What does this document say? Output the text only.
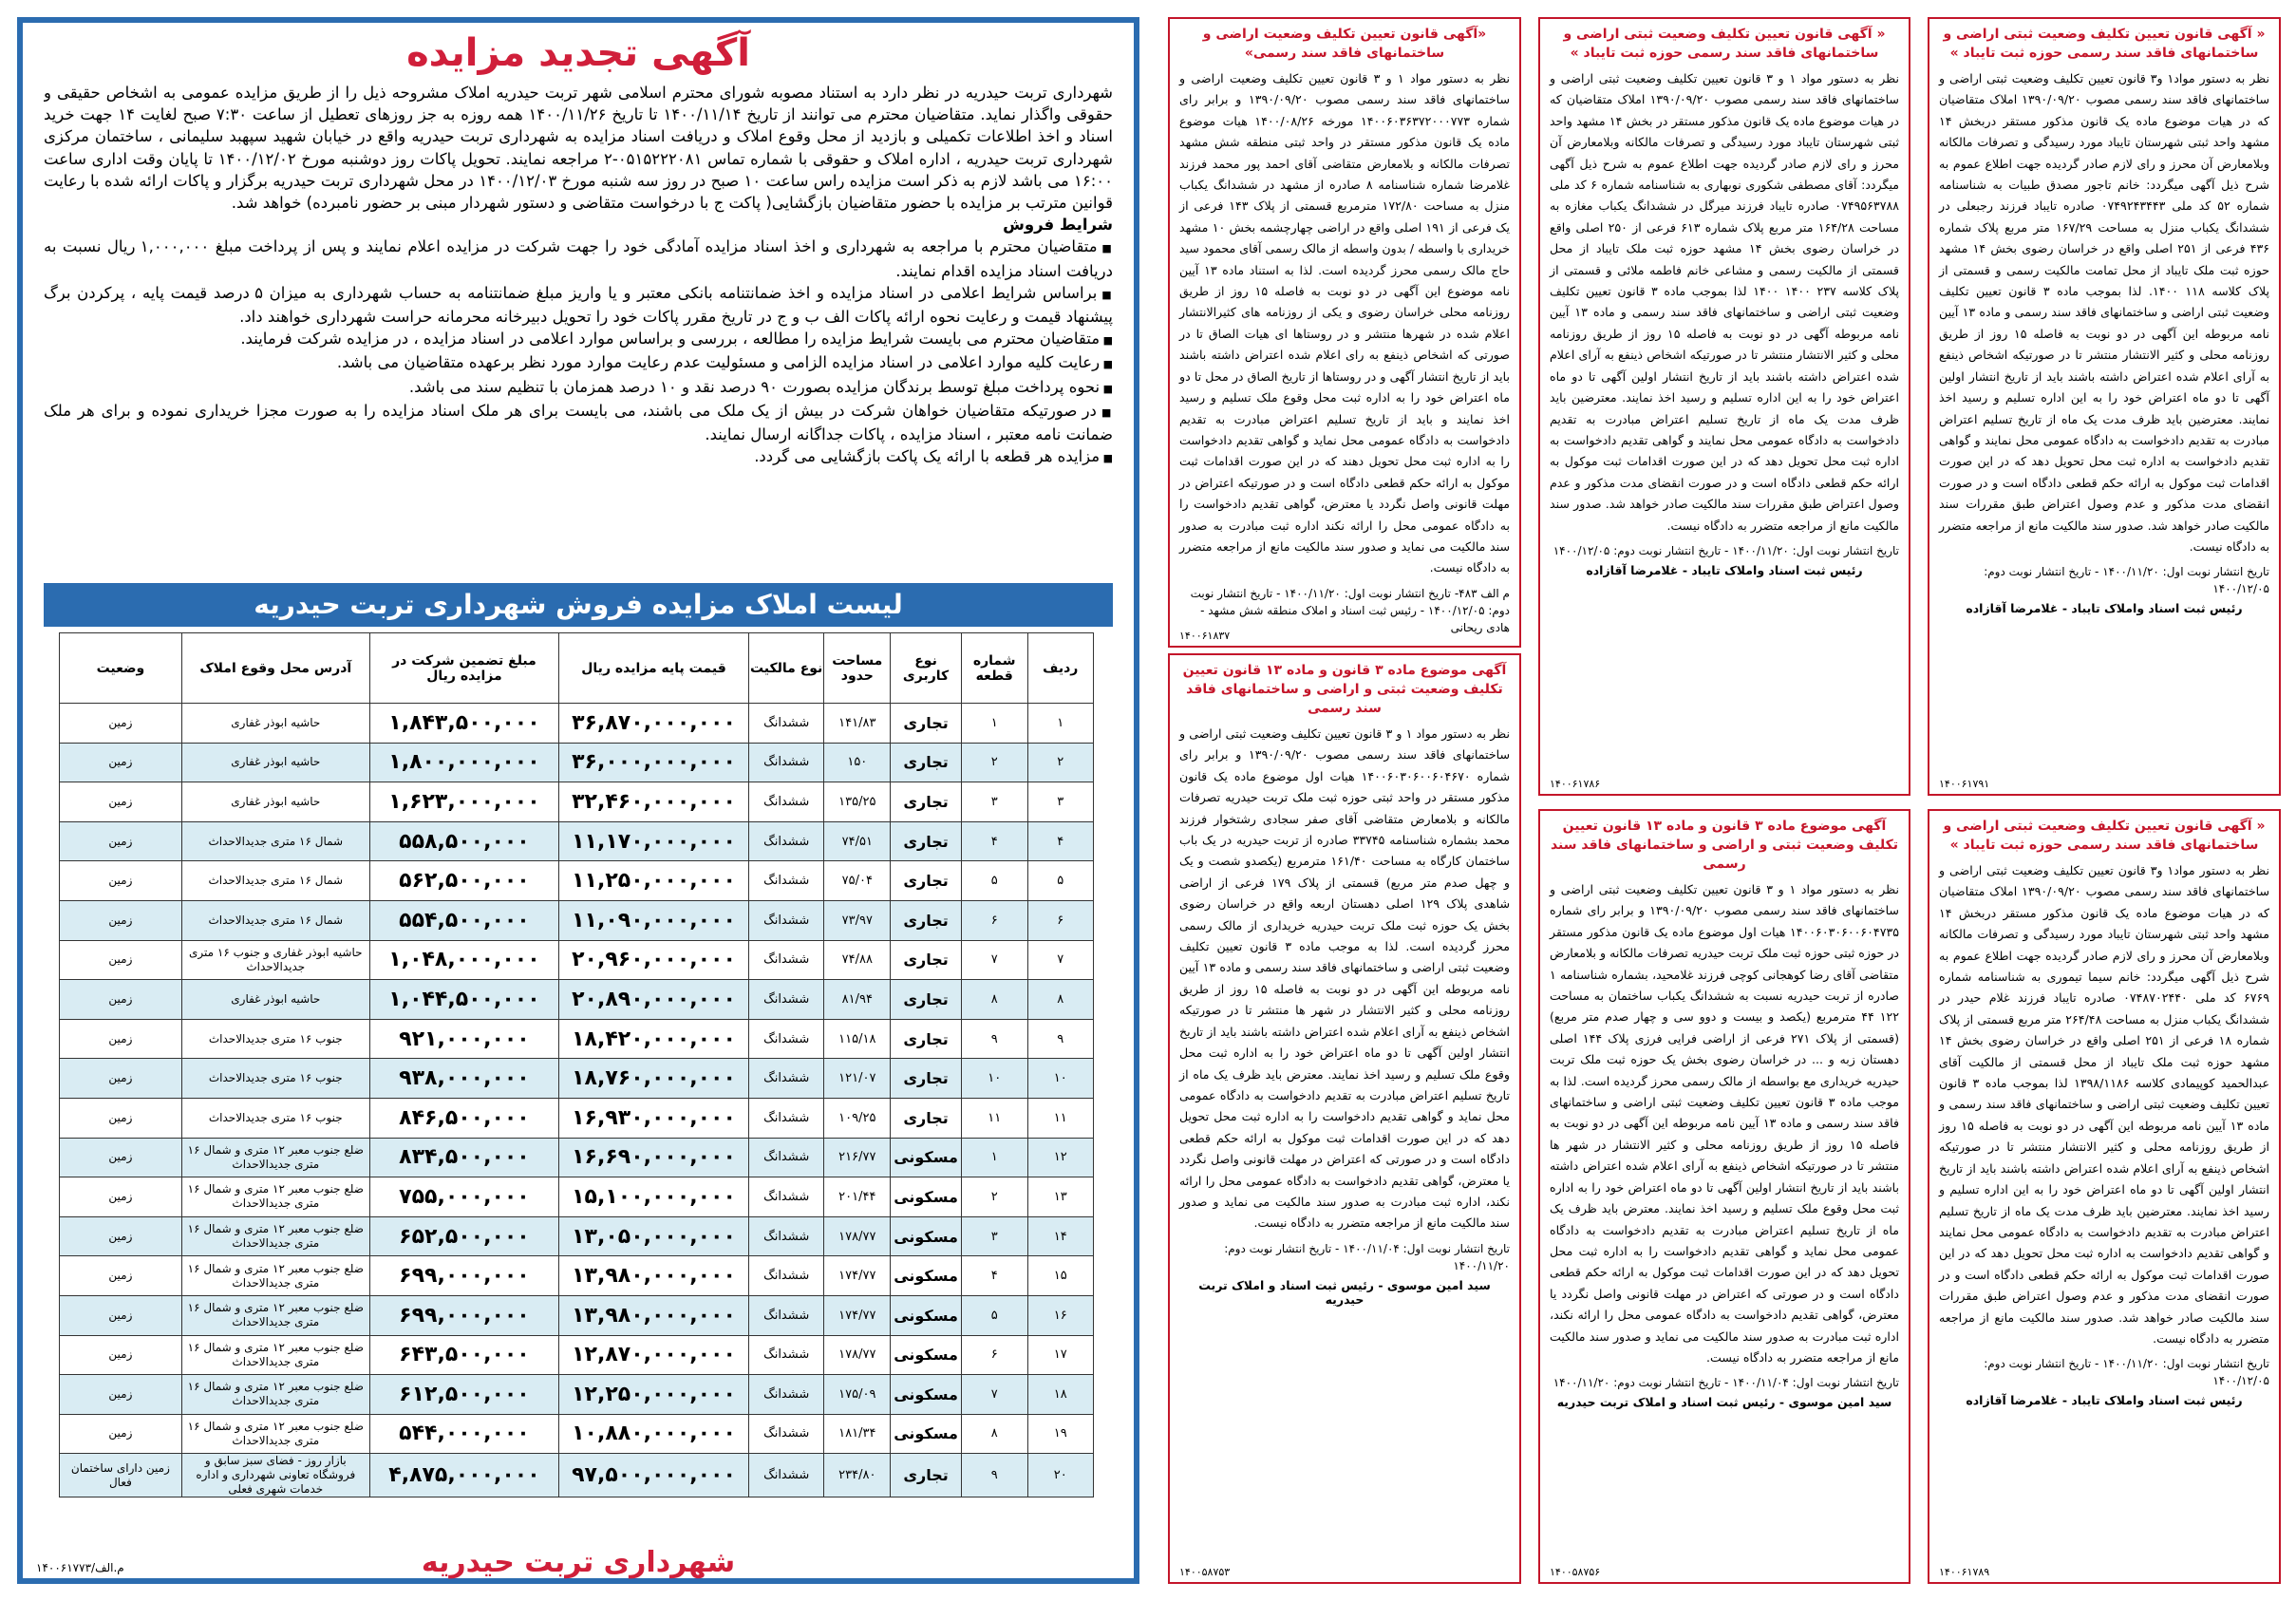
آگهی تجدید مزایده

شهرداری تربت حیدریه در نظر دارد به استناد مصوبه شورای محترم اسلامی شهر تربت حیدریه املاک مشروحه ذیل را از طریق مزایده عمومی به اشخاص حقیقی و حقوقی واگذار نماید. متقاضیان محترم می توانند از تاریخ ۱۴۰۰/۱۱/۱۴ تا تاریخ ۱۴۰۰/۱۱/۲۶ همه روزه به جز روزهای تعطیل از ساعت ۷:۳۰ صبح لغایت ۱۴ جهت خرید اسناد و اخذ اطلاعات تکمیلی و بازدید از محل وقوع املاک و دریافت اسناد مزایده به شهرداری تربت حیدریه واقع در خیابان شهید سپهبد سلیمانی ، ساختمان مرکزی شهرداری تربت حیدریه ، اداره املاک و حقوقی با شماره تماس ۰۵۱۵۲۲۲۰۸۱-۲ مراجعه نمایند. تحویل پاکات روز دوشنبه مورخ ۱۴۰۰/۱۲/۰۲ تا پایان وقت اداری ساعت ۱۶:۰۰ می باشد لازم به ذکر است مزایده راس ساعت ۱۰ صبح در روز سه شنبه مورخ ۱۴۰۰/۱۲/۰۳ در محل شهرداری تربت حیدریه برگزار و پاکات ارائه شده با رعایت قوانین مترتب بر مزایده با حضور متقاضیان بازگشایی( پاکت ج با درخواست متقاضی و دستور شهردار مبنی بر حضور نامبرده) خواهد شد.

شرایط فروش

■ متقاضیان محترم با مراجعه به شهرداری و اخذ اسناد مزایده آمادگی خود را جهت شرکت در مزایده اعلام نمایند و پس از پرداخت مبلغ ۱,۰۰۰,۰۰۰ ریال نسبت به دریافت اسناد مزایده اقدام نمایند.

■ براساس شرایط اعلامی در اسناد مزایده و اخذ ضمانتنامه بانکی معتبر و یا واریز مبلغ ضمانتنامه به حساب شهرداری به میزان ۵ درصد قیمت پایه ، پرکردن برگ پیشنهاد قیمت و رعایت نحوه ارائه پاکات الف ب و ج در تاریخ مقرر پاکات خود را تحویل دبیرخانه محرمانه حراست شهرداری خواهند داد.

■ متقاضیان محترم می بایست شرایط مزایده را مطالعه ، بررسی و براساس موارد اعلامی در اسناد مزایده ، در مزایده شرکت فرمایند.

■ رعایت کلیه موارد اعلامی در اسناد مزایده الزامی و مسئولیت عدم رعایت موارد مورد نظر برعهده متقاضیان می باشد.

■ نحوه پرداخت مبلغ توسط برندگان مزایده بصورت ۹۰ درصد نقد و ۱۰ درصد همزمان با تنظیم سند می باشد.

■ در صورتیکه متقاضیان خواهان شرکت در بیش از یک ملک می باشند، می بایست برای هر ملک اسناد مزایده را به صورت مجزا خریداری نموده و برای هر ملک ضمانت نامه معتبر ، اسناد مزایده ، پاکات جداگانه ارسال نمایند.

■ مزایده هر قطعه با ارائه یک پاکت بازگشایی می گردد.

لیست املاک مزایده فروش شهرداری تربت حیدریه
ردیف	شماره قطعه	نوع کاربری	مساحت حدود	نوع مالکیت	قیمت پایه مزایده ریال	مبلغ تضمین شرکت در مزایده ریال	آدرس محل وقوع املاک	وضعیت
۱	۱	تجاری	۱۴۱/۸۳	ششدانگ	۳۶,۸۷۰,۰۰۰,۰۰۰	۱,۸۴۳,۵۰۰,۰۰۰	حاشیه ابوذر غفاری	زمین
۲	۲	تجاری	۱۵۰	ششدانگ	۳۶,۰۰۰,۰۰۰,۰۰۰	۱,۸۰۰,۰۰۰,۰۰۰	حاشیه ابوذر غفاری	زمین
۳	۳	تجاری	۱۳۵/۲۵	ششدانگ	۳۲,۴۶۰,۰۰۰,۰۰۰	۱,۶۲۳,۰۰۰,۰۰۰	حاشیه ابوذر غفاری	زمین
۴	۴	تجاری	۷۴/۵۱	ششدانگ	۱۱,۱۷۰,۰۰۰,۰۰۰	۵۵۸,۵۰۰,۰۰۰	شمال ۱۶ متری جدیدالاحداث	زمین
۵	۵	تجاری	۷۵/۰۴	ششدانگ	۱۱,۲۵۰,۰۰۰,۰۰۰	۵۶۲,۵۰۰,۰۰۰	شمال ۱۶ متری جدیدالاحداث	زمین
۶	۶	تجاری	۷۳/۹۷	ششدانگ	۱۱,۰۹۰,۰۰۰,۰۰۰	۵۵۴,۵۰۰,۰۰۰	شمال ۱۶ متری جدیدالاحداث	زمین
۷	۷	تجاری	۷۴/۸۸	ششدانگ	۲۰,۹۶۰,۰۰۰,۰۰۰	۱,۰۴۸,۰۰۰,۰۰۰	حاشیه ابوذر غفاری و جنوب ۱۶ متری جدیدالاحداث	زمین
۸	۸	تجاری	۸۱/۹۴	ششدانگ	۲۰,۸۹۰,۰۰۰,۰۰۰	۱,۰۴۴,۵۰۰,۰۰۰	حاشیه ابوذر غفاری	زمین
۹	۹	تجاری	۱۱۵/۱۸	ششدانگ	۱۸,۴۲۰,۰۰۰,۰۰۰	۹۲۱,۰۰۰,۰۰۰	جنوب ۱۶ متری جدیدالاحداث	زمین
۱۰	۱۰	تجاری	۱۲۱/۰۷	ششدانگ	۱۸,۷۶۰,۰۰۰,۰۰۰	۹۳۸,۰۰۰,۰۰۰	جنوب ۱۶ متری جدیدالاحداث	زمین
۱۱	۱۱	تجاری	۱۰۹/۲۵	ششدانگ	۱۶,۹۳۰,۰۰۰,۰۰۰	۸۴۶,۵۰۰,۰۰۰	جنوب ۱۶ متری جدیدالاحداث	زمین
۱۲	۱	مسکونی	۲۱۶/۷۷	ششدانگ	۱۶,۶۹۰,۰۰۰,۰۰۰	۸۳۴,۵۰۰,۰۰۰	ضلع جنوب معبر ۱۲ متری و شمال ۱۶ متری جدیدالاحداث	زمین
۱۳	۲	مسکونی	۲۰۱/۴۴	ششدانگ	۱۵,۱۰۰,۰۰۰,۰۰۰	۷۵۵,۰۰۰,۰۰۰	ضلع جنوب معبر ۱۲ متری و شمال ۱۶ متری جدیدالاحداث	زمین
۱۴	۳	مسکونی	۱۷۸/۷۷	ششدانگ	۱۳,۰۵۰,۰۰۰,۰۰۰	۶۵۲,۵۰۰,۰۰۰	ضلع جنوب معبر ۱۲ متری و شمال ۱۶ متری جدیدالاحداث	زمین
۱۵	۴	مسکونی	۱۷۴/۷۷	ششدانگ	۱۳,۹۸۰,۰۰۰,۰۰۰	۶۹۹,۰۰۰,۰۰۰	ضلع جنوب معبر ۱۲ متری و شمال ۱۶ متری جدیدالاحداث	زمین
۱۶	۵	مسکونی	۱۷۴/۷۷	ششدانگ	۱۳,۹۸۰,۰۰۰,۰۰۰	۶۹۹,۰۰۰,۰۰۰	ضلع جنوب معبر ۱۲ متری و شمال ۱۶ متری جدیدالاحداث	زمین
۱۷	۶	مسکونی	۱۷۸/۷۷	ششدانگ	۱۲,۸۷۰,۰۰۰,۰۰۰	۶۴۳,۵۰۰,۰۰۰	ضلع جنوب معبر ۱۲ متری و شمال ۱۶ متری جدیدالاحداث	زمین
۱۸	۷	مسکونی	۱۷۵/۰۹	ششدانگ	۱۲,۲۵۰,۰۰۰,۰۰۰	۶۱۲,۵۰۰,۰۰۰	ضلع جنوب معبر ۱۲ متری و شمال ۱۶ متری جدیدالاحداث	زمین
۱۹	۸	مسکونی	۱۸۱/۳۴	ششدانگ	۱۰,۸۸۰,۰۰۰,۰۰۰	۵۴۴,۰۰۰,۰۰۰	ضلع جنوب معبر ۱۲ متری و شمال ۱۶ متری جدیدالاحداث	زمین
۲۰	۹	تجاری	۲۳۴/۸۰	ششدانگ	۹۷,۵۰۰,۰۰۰,۰۰۰	۴,۸۷۵,۰۰۰,۰۰۰	بازار روز - فضای سبز سابق و فروشگاه تعاونی شهرداری و اداره خدمات شهری فعلی	زمین دارای ساختمان فعال
شهرداری تربت حیدریه
۱۴۰۰۶۱۷۷۳/م.الف
«آگهی قانون تعیین تکلیف وضعیت اراضی و ساختمانهای فاقد سند رسمی»
نظر به دستور مواد ۱ و ۳ قانون تعیین تکلیف وضعیت اراضی و ساختمانهای فاقد سند رسمی مصوب ۱۳۹۰/۰۹/۲۰ و برابر رای شماره ۱۴۰۰۶۰۳۶۳۷۲۰۰۰۷۷۳ مورخه ۱۴۰۰/۰۸/۲۶ هیات موضوع ماده یک قانون مذکور مستقر در واحد ثبتی منطقه شش مشهد تصرفات مالکانه و بلامعارض متقاضی آقای احمد پور محمد فرزند غلامرضا شماره شناسنامه ۸ صادره از مشهد در ششدانگ یکباب منزل به مساحت ۱۷۲/۸۰ مترمربع قسمتی از پلاک ۱۴۳ فرعی از یک فرعی از ۱۹۱ اصلی واقع در اراضی چهارچشمه بخش ۱۰ مشهد خریداری با واسطه / بدون واسطه از مالک رسمی آقای محمود سید حاج مالک رسمی محرز گردیده است. لذا به استناد ماده ۱۳ آیین نامه موضوع این آگهی در دو نوبت به فاصله ۱۵ روز از طریق روزنامه محلی خراسان رضوی و یکی از روزنامه های کثیرالانتشار اعلام شده در شهرها منتشر و در روستاها ای هیات الصاق تا در صورتی که اشخاص ذینفع به رای اعلام شده اعتراض داشته باشند باید از تاریخ انتشار آگهی و در روستاها از تاریخ الصاق در محل تا دو ماه اعتراض خود را به اداره ثبت محل وقوع ملک تسلیم و رسید اخذ نمایند و باید از تاریخ تسلیم اعتراض مبادرت به تقدیم دادخواست به دادگاه عمومی محل نماید و گواهی تقدیم دادخواست را به اداره ثبت محل تحویل دهند که در این صورت اقدامات ثبت موکول به ارائه حکم قطعی دادگاه است و در صورتیکه اعتراض در مهلت قانونی واصل نگردد یا معترض، گواهی تقدیم دادخواست را به دادگاه عمومی محل را ارائه نکند اداره ثبت مبادرت به صدور سند مالکیت می نماید و صدور سند مالکیت مانع از مراجعه متضرر به دادگاه نیست.
م الف ۴۸۳- تاریخ انتشار نوبت اول: ۱۴۰۰/۱۱/۲۰ - تاریخ انتشار نوبت دوم: ۱۴۰۰/۱۲/۰۵ - رئیس ثبت اسناد و املاک منطقه شش مشهد - هادی ریحانی
۱۴۰۰۶۱۸۳۷
آگهی موضوع ماده ۳ قانون و ماده ۱۳ قانون تعیین تکلیف وضعیت ثبتی و اراضی و ساختمانهای فاقد سند رسمی
نظر به دستور مواد ۱ و ۳ قانون تعیین تکلیف وضعیت ثبتی اراضی و ساختمانهای فاقد سند رسمی مصوب ۱۳۹۰/۰۹/۲۰ و برابر رای شماره ۱۴۰۰۶۰۳۰۶۰۰۶۰۴۶۷۰ هیات اول موضوع ماده یک قانون مذکور مستقر در واحد ثبتی حوزه ثبت ملک تربت حیدریه تصرفات مالکانه و بلامعارض متقاضی آقای صفر سجادی رشتخوار فرزند محمد بشماره شناسنامه ۳۳۷۴۵ صادره از تربت حیدریه در یک باب ساختمان کارگاه به مساحت ۱۶۱/۴۰ مترمربع (یکصدو شصت و یک و چهل صدم متر مربع) قسمتی از پلاک ۱۷۹ فرعی از اراضی شاهدی پلاک ۱۲۹ اصلی دهستان اربعه واقع در خراسان رضوی بخش یک حوزه ثبت ملک تربت حیدریه خریداری از مالک رسمی محرز گردیده است. لذا به موجب ماده ۳ قانون تعیین تکلیف وضعیت ثبتی اراضی و ساختمانهای فاقد سند رسمی و ماده ۱۳ آیین نامه مربوطه این آگهی در دو نوبت به فاصله ۱۵ روز از طریق روزنامه محلی و کثیر الانتشار در شهر ها منتشر تا در صورتیکه اشخاص ذینفع به آرای اعلام شده اعتراض داشته باشند باید از تاریخ انتشار اولین آگهی تا دو ماه اعتراض خود را به اداره ثبت محل وقوع ملک تسلیم و رسید اخذ نمایند. معترض باید ظرف یک ماه از تاریخ تسلیم اعتراض مبادرت به تقدیم دادخواست به دادگاه عمومی محل نماید و گواهی تقدیم دادخواست را به اداره ثبت محل تحویل دهد که در این صورت اقدامات ثبت موکول به ارائه حکم قطعی دادگاه است و در صورتی که اعتراض در مهلت قانونی واصل نگردد یا معترض، گواهی تقدیم دادخواست به دادگاه عمومی محل را ارائه نکند، اداره ثبت مبادرت به صدور سند مالکیت می نماید و صدور سند مالکیت مانع از مراجعه متضرر به دادگاه نیست.
تاریخ انتشار نوبت اول: ۱۴۰۰/۱۱/۰۴ - تاریخ انتشار نوبت دوم: ۱۴۰۰/۱۱/۲۰
سید امین موسوی - رئیس ثبت اسناد و املاک تربت حیدریه
۱۴۰۰۵۸۷۵۳
« آگهی قانون تعیین تکلیف وضعیت ثبتی اراضی و ساختمانهای فاقد سند رسمی حوزه ثبت تایباد »
نظر به دستور مواد ۱ و ۳ قانون تعیین تکلیف وضعیت ثبتی اراضی و ساختمانهای فاقد سند رسمی مصوب ۱۳۹۰/۰۹/۲۰ املاک متقاضیان که در هیات موضوع ماده یک قانون مذکور مستقر در بخش ۱۴ مشهد واحد ثبتی شهرستان تایباد مورد رسیدگی و تصرفات مالکانه وبلامعارض آن محرز و رای لازم صادر گردیده جهت اطلاع عموم به شرح ذیل آگهی میگردد: آقای مصطفی شکوری نوبهاری به شناسنامه شماره ۶ کد ملی ۰۷۴۹۵۶۳۷۸۸ صادره تایباد فرزند میرگل در ششدانگ یکباب مغازه به مساحت ۱۶۴/۲۸ متر مربع پلاک شماره ۶۱۳ فرعی از ۲۵۰ اصلی واقع در خراسان رضوی بخش ۱۴ مشهد حوزه ثبت ملک تایباد از محل قسمتی از مالکیت رسمی و مشاعی خانم فاطمه ملائی و قسمتی از پلاک کلاسه ۲۳۷ ۱۴۰۰ ۱۴۰۰ لذا بموجب ماده ۳ قانون تعیین تکلیف وضعیت ثبتی اراضی و ساختمانهای فاقد سند رسمی و ماده ۱۳ آیین نامه مربوطه آگهی در دو نوبت به فاصله ۱۵ روز از طریق روزنامه محلی و کثیر الانتشار منتشر تا در صورتیکه اشخاص ذینفع به آرای اعلام شده اعتراض داشته باشند باید از تاریخ انتشار اولین آگهی تا دو ماه اعتراض خود را به این اداره تسلیم و رسید اخذ نمایند. معترضین باید ظرف مدت یک ماه از تاریخ تسلیم اعتراض مبادرت به تقدیم دادخواست به دادگاه عمومی محل نمایند و گواهی تقدیم دادخواست به اداره ثبت محل تحویل دهد که در این صورت اقدامات ثبت موکول به ارائه حکم قطعی دادگاه است و در صورت انقضای مدت مذکور و عدم وصول اعتراض طبق مقررات سند مالکیت صادر خواهد شد. صدور سند مالکیت مانع از مراجعه متضرر به دادگاه نیست.
تاریخ انتشار نوبت اول: ۱۴۰۰/۱۱/۲۰ - تاریخ انتشار نوبت دوم: ۱۴۰۰/۱۲/۰۵
رئیس ثبت اسناد واملاک تایباد - غلامرضا آقازاده
۱۴۰۰۶۱۷۸۶
آگهی موضوع ماده ۳ قانون و ماده ۱۳ قانون تعیین تکلیف وضعیت ثبتی و اراضی و ساختمانهای فاقد سند رسمی
نظر به دستور مواد ۱ و ۳ قانون تعیین تکلیف وضعیت ثبتی اراضی و ساختمانهای فاقد سند رسمی مصوب ۱۳۹۰/۰۹/۲۰ و برابر رای شماره ۱۴۰۰۶۰۳۰۶۰۰۶۰۴۷۳۵ هیات اول موضوع ماده یک قانون مذکور مستقر در حوزه ثبتی حوزه ثبت ملک تربت حیدریه تصرفات مالکانه و بلامعارض متقاضی آقای رضا کوهجانی کوچی فرزند غلامحید، بشماره شناسنامه ۱ صادره از تربت حیدریه نسبت به ششدانگ یکباب ساختمان به مساحت ۱۲۲ ۴۴ مترمربع (یکصد و بیست و دوو سی و چهار صدم متر مربع) (قسمتی از پلاک ۲۷۱ فرعی از اراضی فرایی فرزی پلاک ۱۴۴ اصلی دهستان زبه و ... در خراسان رضوی بخش یک حوزه ثبت ملک تربت حیدریه خریداری مع بواسطه از مالک رسمی محرز گردیده است. لذا به موجب ماده ۳ قانون تعیین تکلیف وضعیت ثبتی اراضی و ساختمانهای فاقد سند رسمی و ماده ۱۳ آیین نامه مربوطه این آگهی در دو نوبت به فاصله ۱۵ روز از طریق روزنامه محلی و کثیر الانتشار در شهر ها منتشر تا در صورتیکه اشخاص ذینفع به آرای اعلام شده اعتراض داشته باشند باید از تاریخ انتشار اولین آگهی تا دو ماه اعتراض خود را به اداره ثبت محل وقوع ملک تسلیم و رسید اخذ نمایند. معترض باید ظرف یک ماه از تاریخ تسلیم اعتراض مبادرت به تقدیم دادخواست به دادگاه عمومی محل نماید و گواهی تقدیم دادخواست را به اداره ثبت محل تحویل دهد که در این صورت اقدامات ثبت موکول به ارائه حکم قطعی دادگاه است و در صورتی که اعتراض در مهلت قانونی واصل نگردد یا معترض، گواهی تقدیم دادخواست به دادگاه عمومی محل را ارائه نکند، اداره ثبت مبادرت به صدور سند مالکیت می نماید و صدور سند مالکیت مانع از مراجعه متضرر به دادگاه نیست.
تاریخ انتشار نوبت اول: ۱۴۰۰/۱۱/۰۴ - تاریخ انتشار نوبت دوم: ۱۴۰۰/۱۱/۲۰
سید امین موسوی - رئیس ثبت اسناد و املاک تربت حیدریه
۱۴۰۰۵۸۷۵۶
« آگهی قانون تعیین تکلیف وضعیت ثبتی اراضی و ساختمانهای فاقد سند رسمی حوزه ثبت تایباد »
نظر به دستور مواد۱ و۳ قانون تعیین تکلیف وضعیت ثبتی اراضی و ساختمانهای فاقد سند رسمی مصوب ۱۳۹۰/۰۹/۲۰ املاک متقاضیان که در هیات موضوع ماده یک قانون مذکور مستقر دربخش ۱۴ مشهد واحد ثبتی شهرستان تایباد مورد رسیدگی و تصرفات مالکانه وبلامعارض آن محرز و رای لازم صادر گردیده جهت اطلاع عموم به شرح ذیل آگهی میگردد: خانم تاجور مصدق طبیات به شناسنامه شماره ۵۲ کد ملی ۰۷۴۹۲۴۳۴۴۳ صادره تایباد فرزند رجبعلی در ششدانگ یکباب منزل به مساحت ۱۶۷/۲۹ متر مربع پلاک شماره ۴۳۶ فرعی از ۲۵۱ اصلی واقع در خراسان رضوی بخش ۱۴ مشهد حوزه ثبت ملک تایباد از محل تمامت مالکیت رسمی و قسمتی از پلاک کلاسه ۱۱۸ ۱۴۰۰. لذا بموجب ماده ۳ قانون تعیین تکلیف وضعیت ثبتی اراضی و ساختمانهای فاقد سند رسمی و ماده ۱۳ آیین نامه مربوطه این آگهی در دو نوبت به فاصله ۱۵ روز از طریق روزنامه محلی و کثیر الانتشار منتشر تا در صورتیکه اشخاص ذینفع به آرای اعلام شده اعتراض داشته باشند باید از تاریخ انتشار اولین آگهی تا دو ماه اعتراض خود را به این اداره تسلیم و رسید اخذ نمایند. معترضین باید ظرف مدت یک ماه از تاریخ تسلیم اعتراض مبادرت به تقدیم دادخواست به دادگاه عمومی محل نمایند و گواهی تقدیم دادخواست به اداره ثبت محل تحویل دهد که در این صورت اقدامات ثبت موکول به ارائه حکم قطعی دادگاه است و در صورت انقضای مدت مذکور و عدم وصول اعتراض طبق مقررات سند مالکیت صادر خواهد شد. صدور سند مالکیت مانع از مراجعه متضرر به دادگاه نیست.
تاریخ انتشار نوبت اول: ۱۴۰۰/۱۱/۲۰ - تاریخ انتشار نوبت دوم: ۱۴۰۰/۱۲/۰۵
رئیس ثبت اسناد واملاک تایباد - غلامرضا آقازاده
۱۴۰۰۶۱۷۹۱
« آگهی قانون تعیین تکلیف وضعیت ثبتی اراضی و ساختمانهای فاقد سند رسمی حوزه ثبت تایباد »
نظر به دستور مواد۱ و۳ قانون تعیین تکلیف وضعیت ثبتی اراضی و ساختمانهای فاقد سند رسمی مصوب ۱۳۹۰/۰۹/۲۰ املاک متقاضیان که در هیات موضوع ماده یک قانون مذکور مستقر دربخش ۱۴ مشهد واحد ثبتی شهرستان تایباد مورد رسیدگی و تصرفات مالکانه وبلامعارض آن محرز و رای لازم صادر گردیده جهت اطلاع عموم به شرح ذیل آگهی میگردد: خانم سیما تیموری به شناسنامه شماره ۶۷۶۹ کد ملی ۰۷۴۸۷۰۲۴۴۰ صادره تایباد فرزند غلام حیدر در ششدانگ یکباب منزل به مساحت ۲۶۴/۴۸ متر مربع قسمتی از پلاک شماره ۱۸ فرعی از ۲۵۱ اصلی واقع در خراسان رضوی بخش ۱۴ مشهد حوزه ثبت ملک تایباد از محل قسمتی از مالکیت آقای عبدالحمید کوپیمادی کلاسه ۱۳۹۸/۱۱۸۶ لذا بموجب ماده ۳ قانون تعیین تکلیف وضعیت ثبتی اراضی و ساختمانهای فاقد سند رسمی و ماده ۱۳ آیین نامه مربوطه این آگهی در دو نوبت به فاصله ۱۵ روز از طریق روزنامه محلی و کثیر الانتشار منتشر تا در صورتیکه اشخاص ذینفع به آرای اعلام شده اعتراض داشته باشند باید از تاریخ انتشار اولین آگهی تا دو ماه اعتراض خود را به این اداره تسلیم و رسید اخذ نمایند. معترضین باید ظرف مدت یک ماه از تاریخ تسلیم اعتراض مبادرت به تقدیم دادخواست به دادگاه عمومی محل نمایند و گواهی تقدیم دادخواست به اداره ثبت محل تحویل دهد که در این صورت اقدامات ثبت موکول به ارائه حکم قطعی دادگاه است و در صورت انقضای مدت مذکور و عدم وصول اعتراض طبق مقررات سند مالکیت صادر خواهد شد. صدور سند مالکیت مانع از مراجعه متضرر به دادگاه نیست.
تاریخ انتشار نوبت اول: ۱۴۰۰/۱۱/۲۰ - تاریخ انتشار نوبت دوم: ۱۴۰۰/۱۲/۰۵
رئیس ثبت اسناد واملاک تایباد - غلامرضا آقازاده
۱۴۰۰۶۱۷۸۹
